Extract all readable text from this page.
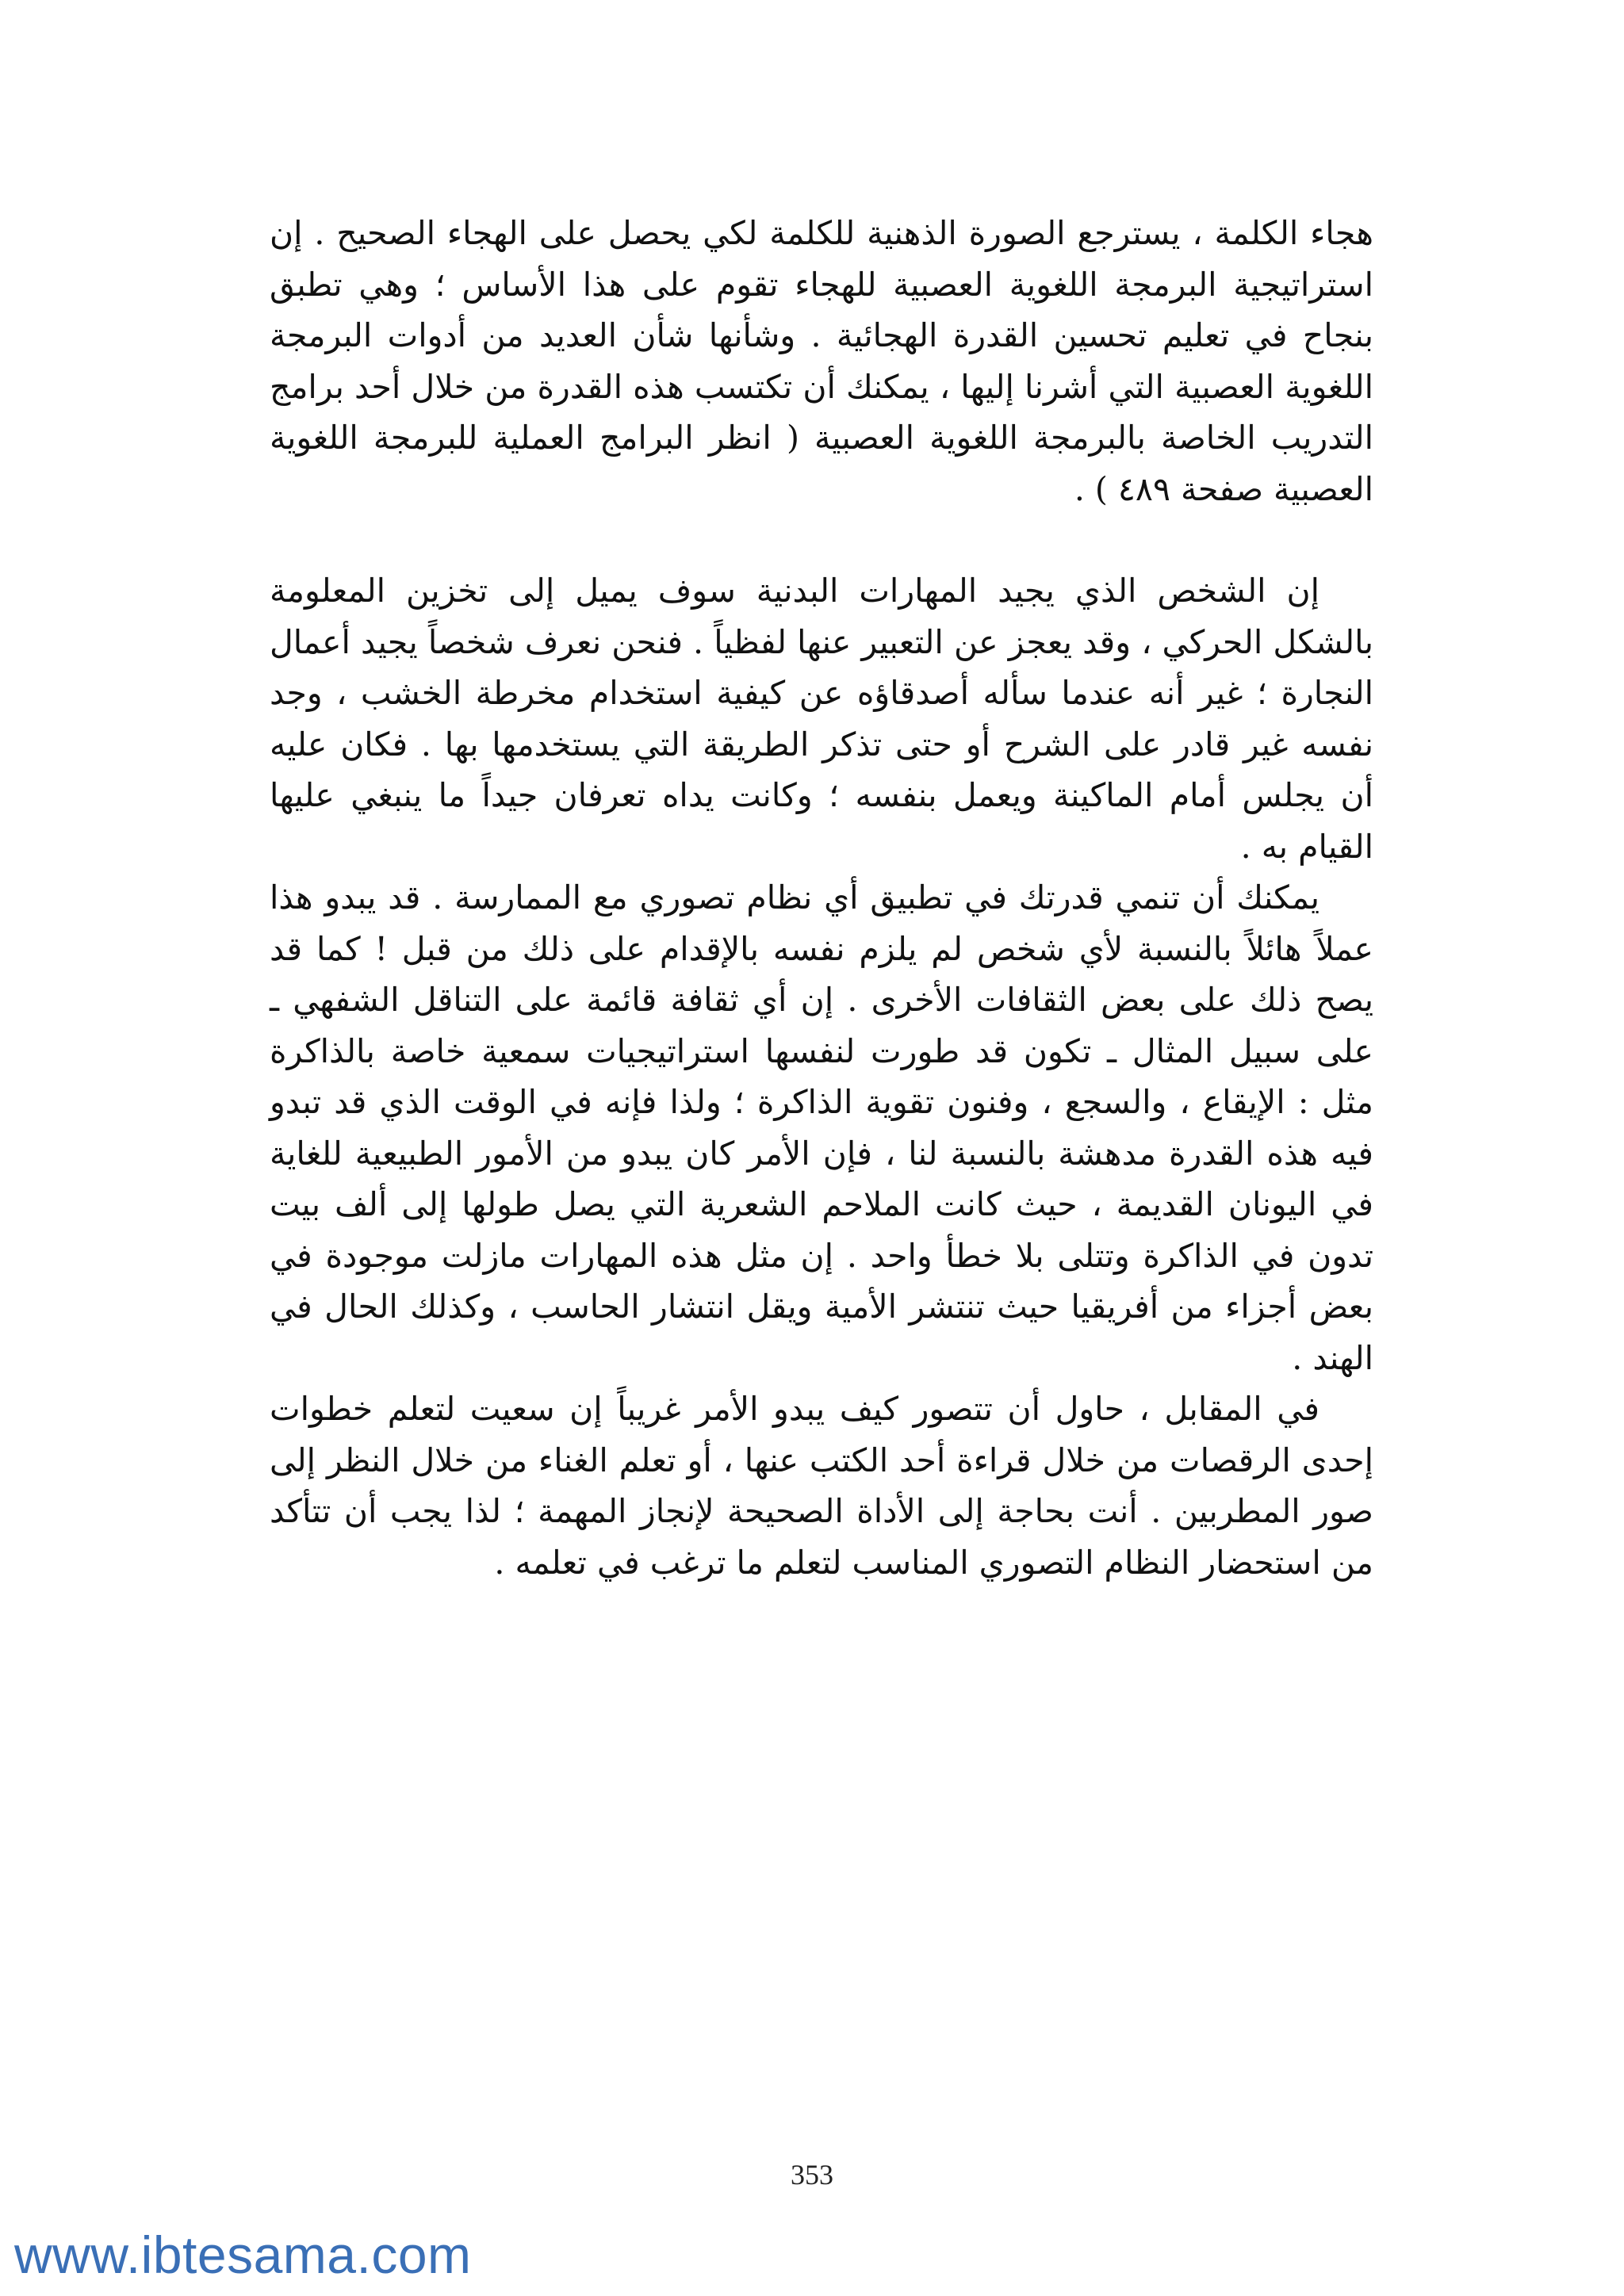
هجاء الكلمة ، يسترجع الصورة الذهنية للكلمة لكي يحصل على الهجاء الصحيح . إن استراتيجية البرمجة اللغوية العصبية للهجاء تقوم على هذا الأساس ؛ وهي تطبق بنجاح في تعليم تحسين القدرة الهجائية . وشأنها شأن العديد من أدوات البرمجة اللغوية العصبية التي أشرنا إليها ، يمكنك أن تكتسب هذه القدرة من خلال أحد برامج التدريب الخاصة بالبرمجة اللغوية العصبية ( انظر البرامج العملية للبرمجة اللغوية العصبية صفحة ٤٨٩ ) .

إن الشخص الذي يجيد المهارات البدنية سوف يميل إلى تخزين المعلومة بالشكل الحركي ، وقد يعجز عن التعبير عنها لفظياً . فنحن نعرف شخصاً يجيد أعمال النجارة ؛ غير أنه عندما سأله أصدقاؤه عن كيفية استخدام مخرطة الخشب ، وجد نفسه غير قادر على الشرح أو حتى تذكر الطريقة التي يستخدمها بها . فكان عليه أن يجلس أمام الماكينة ويعمل بنفسه ؛ وكانت يداه تعرفان جيداً ما ينبغي عليها القيام به .

يمكنك أن تنمي قدرتك في تطبيق أي نظام تصوري مع الممارسة . قد يبدو هذا عملاً هائلاً بالنسبة لأي شخص لم يلزم نفسه بالإقدام على ذلك من قبل ! كما قد يصح ذلك على بعض الثقافات الأخرى . إن أي ثقافة قائمة على التناقل الشفهي ـ على سبيل المثال ـ تكون قد طورت لنفسها استراتيجيات سمعية خاصة بالذاكرة مثل : الإيقاع ، والسجع ، وفنون تقوية الذاكرة ؛ ولذا فإنه في الوقت الذي قد تبدو فيه هذه القدرة مدهشة بالنسبة لنا ، فإن الأمر كان يبدو من الأمور الطبيعية للغاية في اليونان القديمة ، حيث كانت الملاحم الشعرية التي يصل طولها إلى ألف بيت تدون في الذاكرة وتتلى بلا خطأ واحد . إن مثل هذه المهارات مازلت موجودة في بعض أجزاء من أفريقيا حيث تنتشر الأمية ويقل انتشار الحاسب ، وكذلك الحال في الهند .

في المقابل ، حاول أن تتصور كيف يبدو الأمر غريباً إن سعيت لتعلم خطوات إحدى الرقصات من خلال قراءة أحد الكتب عنها ، أو تعلم الغناء من خلال النظر إلى صور المطربين . أنت بحاجة إلى الأداة الصحيحة لإنجاز المهمة ؛ لذا يجب أن تتأكد من استحضار النظام التصوري المناسب لتعلم ما ترغب في تعلمه .

353
www.ibtesama.com
